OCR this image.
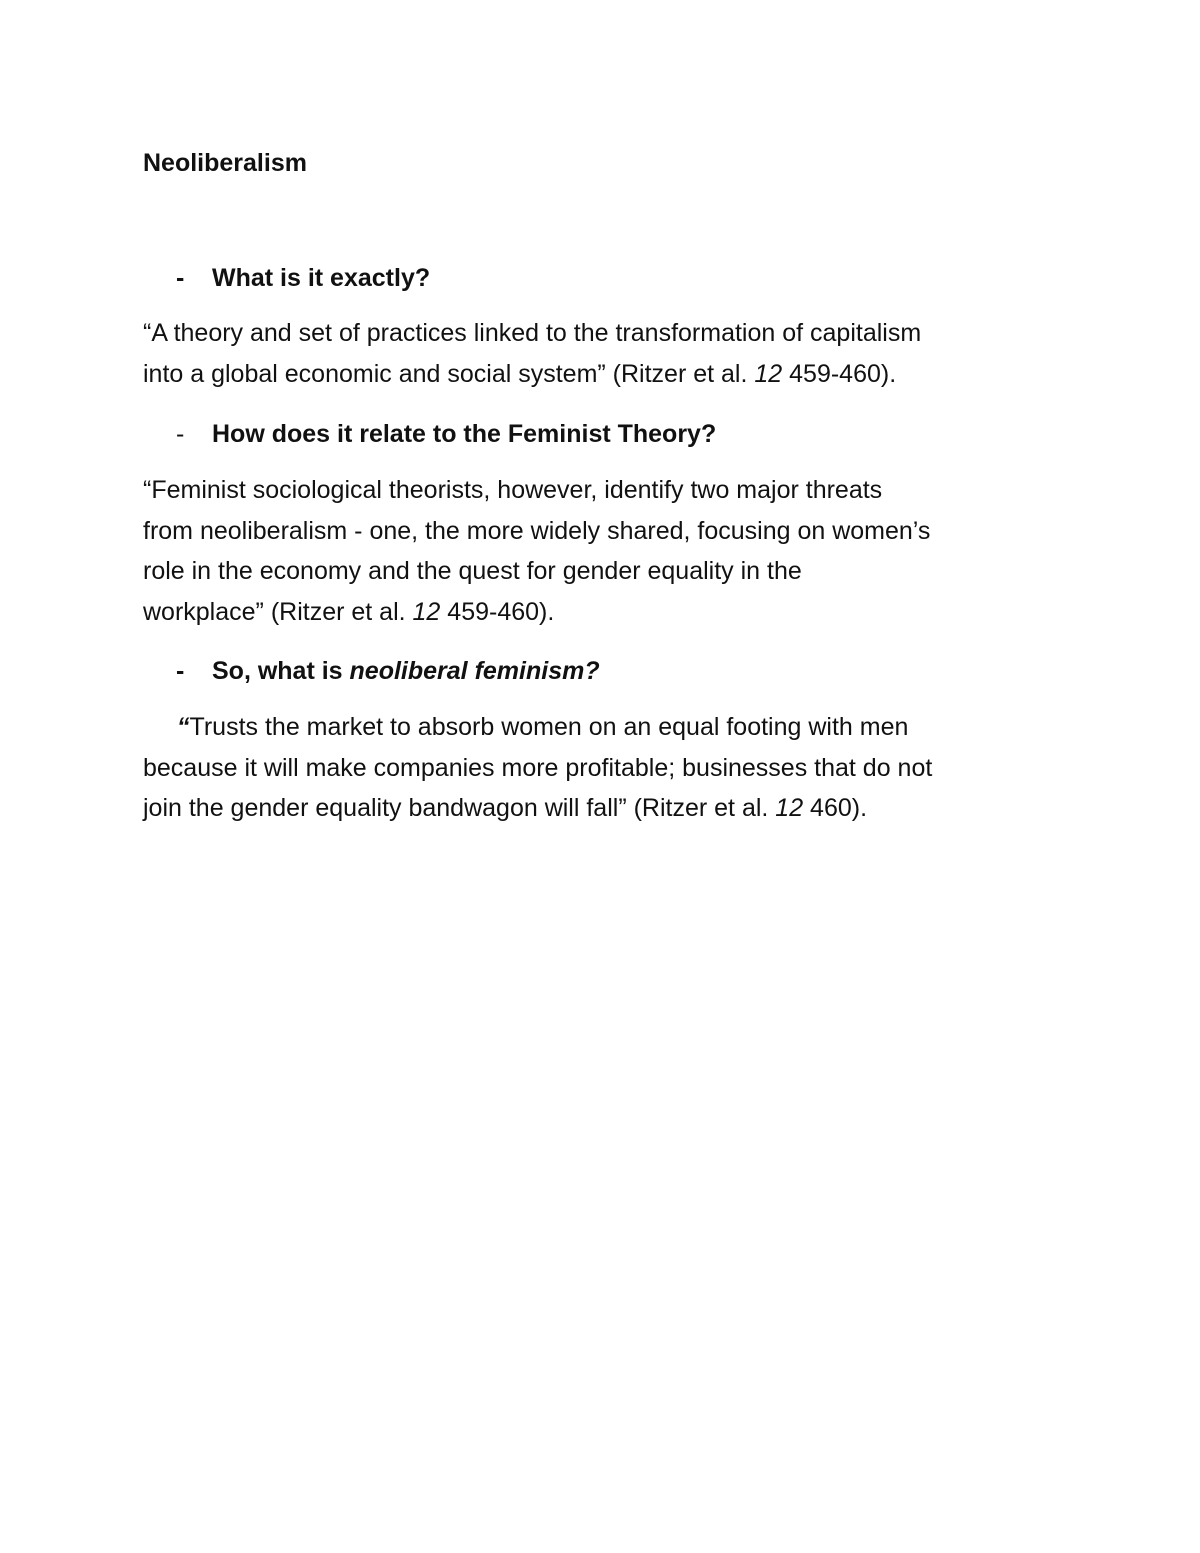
Neoliberalism
-	What is it exactly?
“A theory and set of practices linked to the transformation of capitalism
into a global economic and social system” (Ritzer et al. 12 459-460).
-	How does it relate to the Feminist Theory?
“Feminist sociological theorists, however, identify two major threats
from neoliberalism - one, the more widely shared, focusing on women’s
role in the economy and the quest for gender equality in the
workplace” (Ritzer et al. 12 459-460).
-	So, what is neoliberal feminism?
“Trusts the market to absorb women on an equal footing with men
because it will make companies more profitable; businesses that do not
join the gender equality bandwagon will fall” (Ritzer et al. 12 460).
